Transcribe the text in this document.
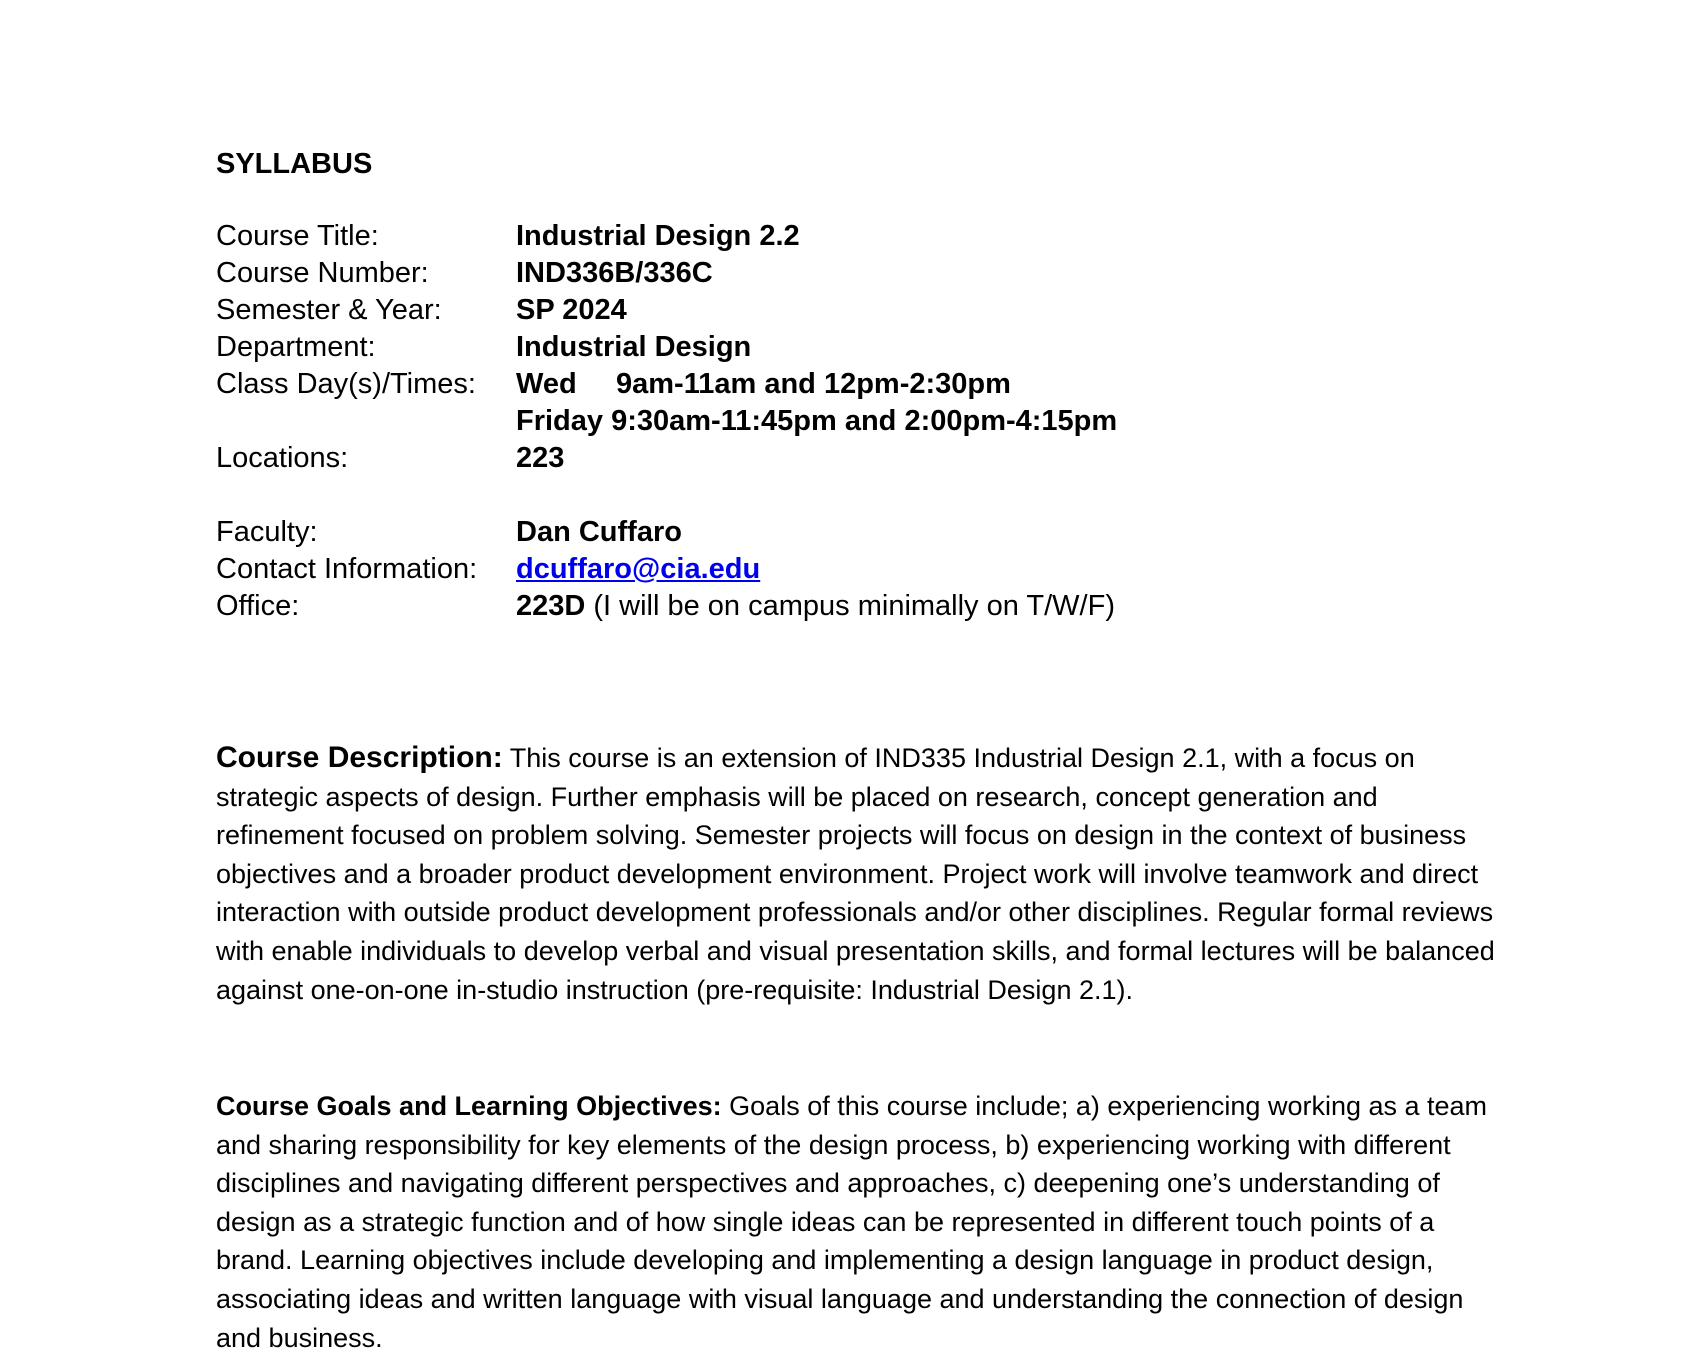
SYLLABUS
Course Title:	Industrial Design 2.2
Course Number:	IND336B/336C
Semester & Year:	SP 2024
Department:	Industrial Design
Class Day(s)/Times: Wed 9am-11am and 12pm-2:30pm
Friday 9:30am-11:45pm and 2:00pm-4:15pm
Locations:	223
Faculty:	Dan Cuffaro
Contact Information: dcuffaro@cia.edu
Office:	223D (I will be on campus minimally on T/W/F)

Course Description: This course is an extension of IND335 Industrial Design 2.1, with a focus on strategic aspects of design. Further emphasis will be placed on research, concept generation and refinement focused on problem solving. Semester projects will focus on design in the context of business objectives and a broader product development environment. Project work will involve teamwork and direct interaction with outside product development professionals and/or other disciplines. Regular formal reviews with enable individuals to develop verbal and visual presentation skills, and formal lectures will be balanced against one-on-one in-studio instruction (pre-requisite: Industrial Design 2.1).

Course Goals and Learning Objectives: Goals of this course include; a) experiencing working as a team and sharing responsibility for key elements of the design process, b) experiencing working with different disciplines and navigating different perspectives and approaches, c) deepening one’s understanding of design as a strategic function and of how single ideas can be represented in different touch points of a brand. Learning objectives include developing and implementing a design language in product design, associating ideas and written language with visual language and understanding the connection of design and business.
